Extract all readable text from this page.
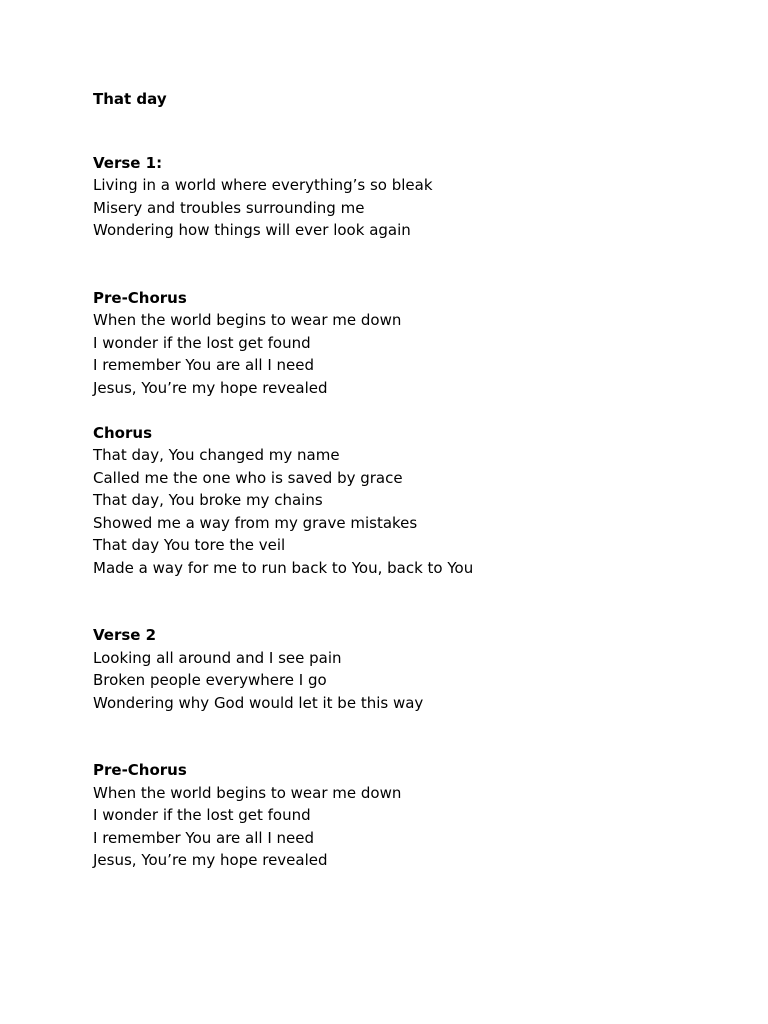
That day
Verse 1:
Living in a world where everything’s so bleak
Misery and troubles surrounding me
Wondering how things will ever look again
Pre-Chorus
When the world begins to wear me down
I wonder if the lost get found
I remember You are all I need
Jesus, You’re my hope revealed
Chorus
That day, You changed my name
Called me the one who is saved by grace
That day, You broke my chains
Showed me a way from my grave mistakes
That day You tore the veil
Made a way for me to run back to You, back to You
Verse 2
Looking all around and I see pain
Broken people everywhere I go
Wondering why God would let it be this way
Pre-Chorus
When the world begins to wear me down
I wonder if the lost get found
I remember You are all I need
Jesus, You’re my hope revealed
